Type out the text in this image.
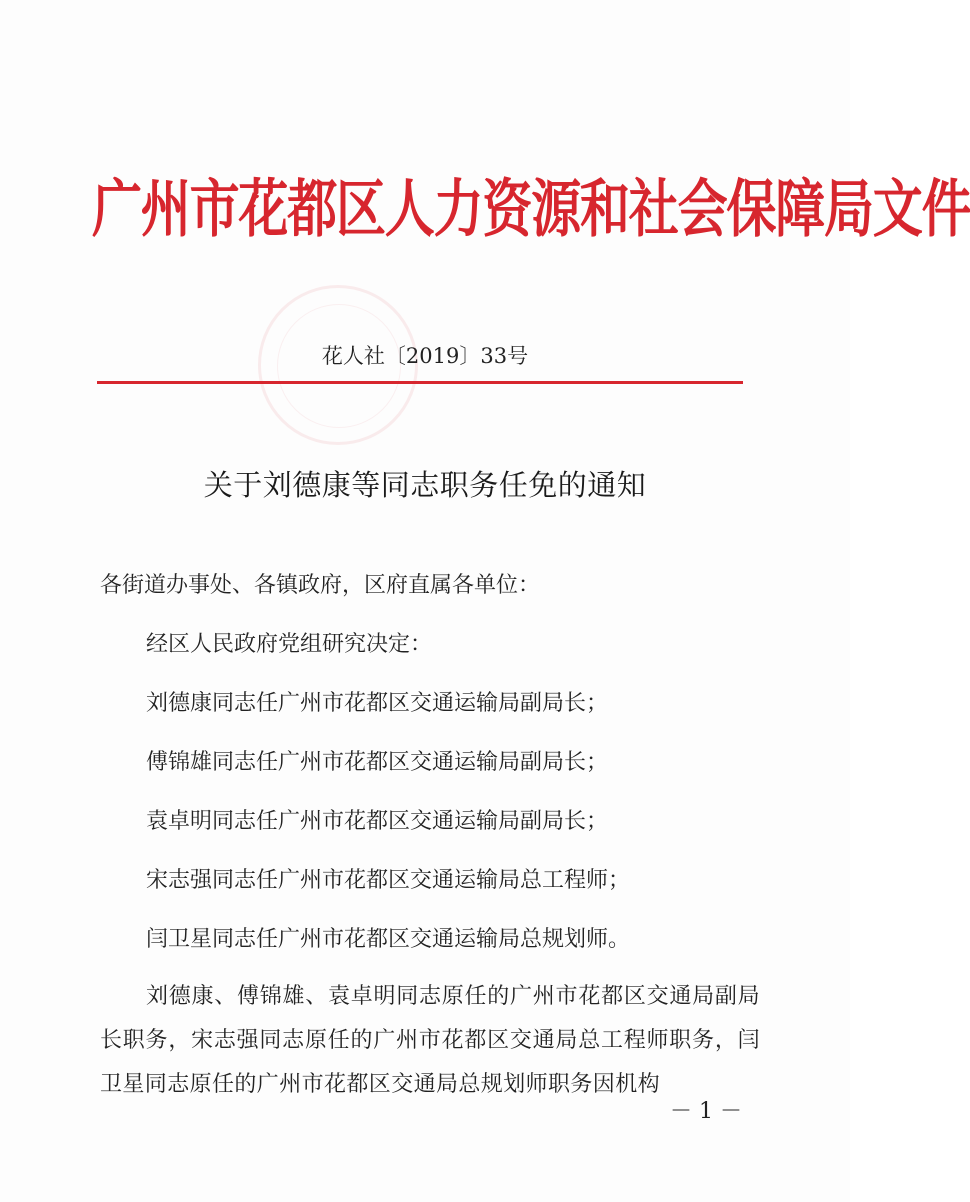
广州市花都区人力资源和社会保障局文件
花人社〔2019〕33号
关于刘德康等同志职务任免的通知
各街道办事处、各镇政府，区府直属各单位：
经区人民政府党组研究决定：
刘德康同志任广州市花都区交通运输局副局长；
傅锦雄同志任广州市花都区交通运输局副局长；
袁卓明同志任广州市花都区交通运输局副局长；
宋志强同志任广州市花都区交通运输局总工程师；
闫卫星同志任广州市花都区交通运输局总规划师。
刘德康、傅锦雄、袁卓明同志原任的广州市花都区交通局副局长职务，宋志强同志原任的广州市花都区交通局总工程师职务，闫卫星同志原任的广州市花都区交通局总规划师职务因机构
－ 1 －
